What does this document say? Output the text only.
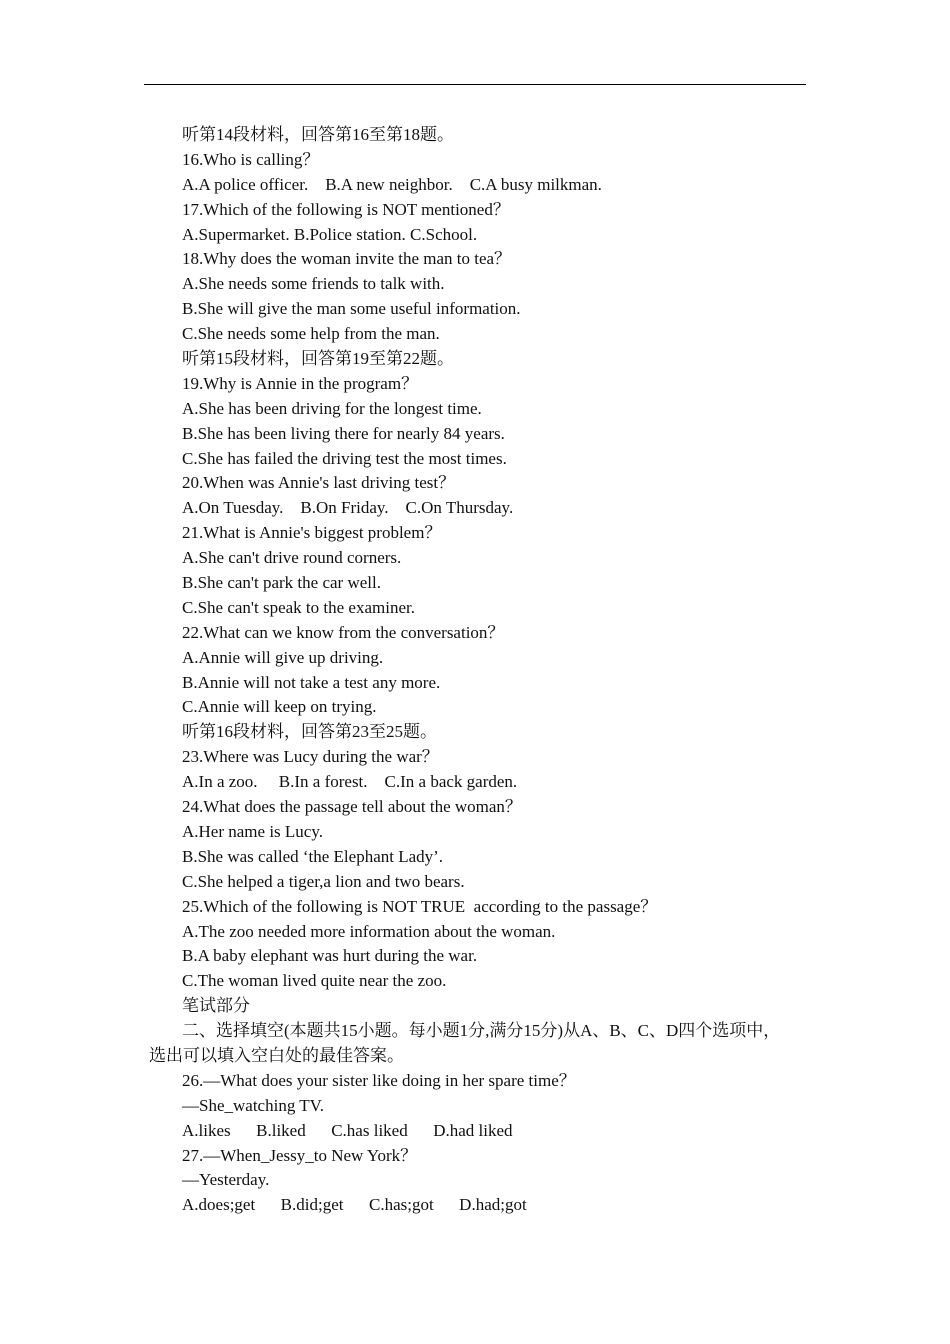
听第14段材料，回答第16至第18题。
16.Who is calling？
A.A police officer.    B.A new neighbor.    C.A busy milkman.
17.Which of the following is NOT mentioned？
A.Supermarket. B.Police station. C.School.
18.Why does the woman invite the man to tea？
A.She needs some friends to talk with.
B.She will give the man some useful information.
C.She needs some help from the man.
听第15段材料，回答第19至第22题。
19.Why is Annie in the program？
A.She has been driving for the longest time.
B.She has been living there for nearly 84 years.
C.She has failed the driving test the most times.
20.When was Annie's last driving test？
A.On Tuesday.    B.On Friday.    C.On Thursday.
21.What is Annie's biggest problem？
A.She can't drive round corners.
B.She can't park the car well.
C.She can't speak to the examiner.
22.What can we know from the conversation？
A.Annie will give up driving.
B.Annie will not take a test any more.
C.Annie will keep on trying.
听第16段材料，回答第23至25题。
23.Where was Lucy during the war？
A.In a zoo.     B.In a forest.    C.In a back garden.
24.What does the passage tell about the woman？
A.Her name is Lucy.
B.She was called ‘the Elephant Lady’.
C.She helped a tiger,a lion and two bears.
25.Which of the following is NOT TRUE  according to the passage？
A.The zoo needed more information about the woman.
B.A baby elephant was hurt during the war.
C.The woman lived quite near the zoo.
笔试部分
二、选择填空(本题共15小题。每小题1分,满分15分)从A、B、C、D四个选项中，
选出可以填入空白处的最佳答案。
26.—What does your sister like doing in her spare time？
—She_watching TV.
A.likes      B.liked      C.has liked      D.had liked
27.—When_Jessy_to New York？
—Yesterday.
A.does;get      B.did;get      C.has;got      D.had;got
